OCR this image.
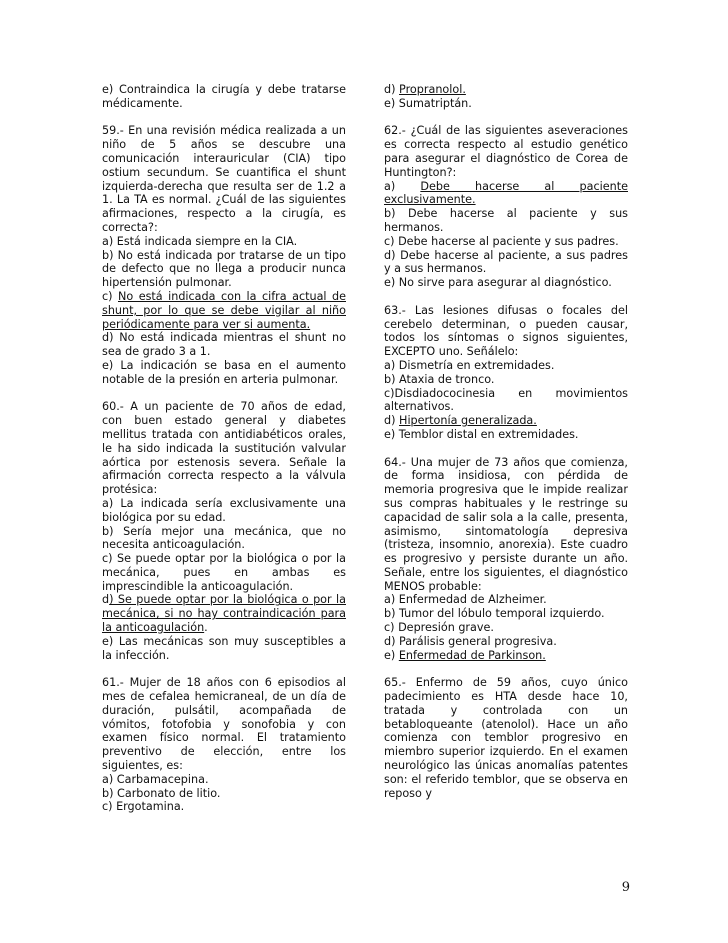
e) Contraindica la cirugía y debe tratarse médicamente.

59.- En una revisión médica realizada a un niño de 5 años se descubre una comunicación interauricular (CIA) tipo ostium secundum. Se cuantifica el shunt izquierda-derecha que resulta ser de 1.2 a 1. La TA es normal. ¿Cuál de las siguientes afirmaciones, respecto a la cirugía, es correcta?:

a) Está indicada siempre en la CIA.

b) No está indicada por tratarse de un tipo de defecto que no llega a producir nunca hipertensión pulmonar.

c) No está indicada con la cifra actual de shunt, por lo que se debe vigilar al niño periódicamente para ver si aumenta.

d) No está indicada mientras el shunt no sea de grado 3 a 1.

e) La indicación se basa en el aumento notable de la presión en arteria pulmonar.

60.- A un paciente de 70 años de edad, con buen estado general y diabetes mellitus tratada con antidiabéticos orales, le ha sido indicada la sustitución valvular aórtica por estenosis severa. Señale la afirmación correcta respecto a la válvula protésica:

a) La indicada sería exclusivamente una biológica por su edad.

b) Sería mejor una mecánica, que no necesita anticoagulación.

c) Se puede optar por la biológica o por la mecánica, pues en ambas es imprescindible la anticoagulación.

d) Se puede optar por la biológica o por la mecánica, si no hay contraindicación para la anticoagulación.

e) Las mecánicas son muy susceptibles a la infección.

61.- Mujer de 18 años con 6 episodios al mes de cefalea hemicraneal, de un día de duración, pulsátil, acompañada de vómitos, fotofobia y sonofobia y con examen físico normal. El tratamiento preventivo de elección, entre los siguientes, es:

a) Carbamacepina.

b) Carbonato de litio.

c) Ergotamina.

d) Propranolol.

e) Sumatriptán.

62.- ¿Cuál de las siguientes aseveraciones es correcta respecto al estudio genético para asegurar el diagnóstico de Corea de Huntington?:

a) Debe hacerse al paciente exclusivamente.

b) Debe hacerse al paciente y sus hermanos.

c) Debe hacerse al paciente y sus padres.

d) Debe hacerse al paciente, a sus padres y a sus hermanos.

e) No sirve para asegurar al diagnóstico.

63.- Las lesiones difusas o focales del cerebelo determinan, o pueden causar, todos los síntomas o signos siguientes, EXCEPTO uno. Señálelo:

a) Dismetría en extremidades.

b) Ataxia de tronco.

c)Disdiadococinesia en movimientos alternativos.

d) Hipertonía generalizada.

e) Temblor distal en extremidades.

64.- Una mujer de 73 años que comienza, de forma insidiosa, con pérdida de memoria progresiva que le impide realizar sus compras habituales y le restringe su capacidad de salir sola a la calle, presenta, asimismo, sintomatología depresiva (tristeza, insomnio, anorexia). Este cuadro es progresivo y persiste durante un año. Señale, entre los siguientes, el diagnóstico MENOS probable:

a) Enfermedad de Alzheimer.

b) Tumor del lóbulo temporal izquierdo.

c) Depresión grave.

d) Parálisis general progresiva.

e) Enfermedad de Parkinson.

65.- Enfermo de 59 años, cuyo único padecimiento es HTA desde hace 10, tratada y controlada con un betabloqueante (atenolol). Hace un año comienza con temblor progresivo en miembro superior izquierdo. En el examen neurológico las únicas anomalías patentes son: el referido temblor, que se observa en reposo y

9
